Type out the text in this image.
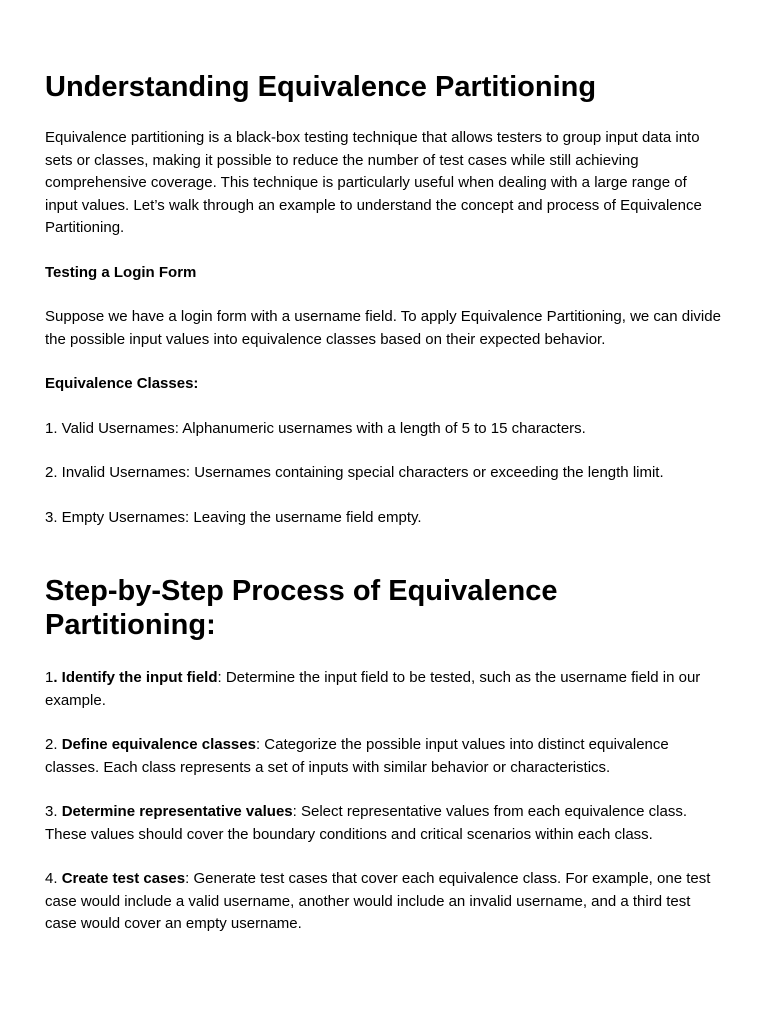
Understanding Equivalence Partitioning

Equivalence partitioning is a black-box testing technique that allows testers to group input data into sets or classes, making it possible to reduce the number of test cases while still achieving comprehensive coverage. This technique is particularly useful when dealing with a large range of input values. Let’s walk through an example to understand the concept and process of Equivalence Partitioning.

Testing a Login Form

Suppose we have a login form with a username field. To apply Equivalence Partitioning, we can divide the possible input values into equivalence classes based on their expected behavior.

Equivalence Classes:

1. Valid Usernames: Alphanumeric usernames with a length of 5 to 15 characters.

2. Invalid Usernames: Usernames containing special characters or exceeding the length limit.

3. Empty Usernames: Leaving the username field empty.

Step-by-Step Process of Equivalence Partitioning:

1. Identify the input field: Determine the input field to be tested, such as the username field in our example.

2. Define equivalence classes: Categorize the possible input values into distinct equivalence classes. Each class represents a set of inputs with similar behavior or characteristics.

3. Determine representative values: Select representative values from each equivalence class. These values should cover the boundary conditions and critical scenarios within each class.

4. Create test cases: Generate test cases that cover each equivalence class. For example, one test case would include a valid username, another would include an invalid username, and a third test case would cover an empty username.
